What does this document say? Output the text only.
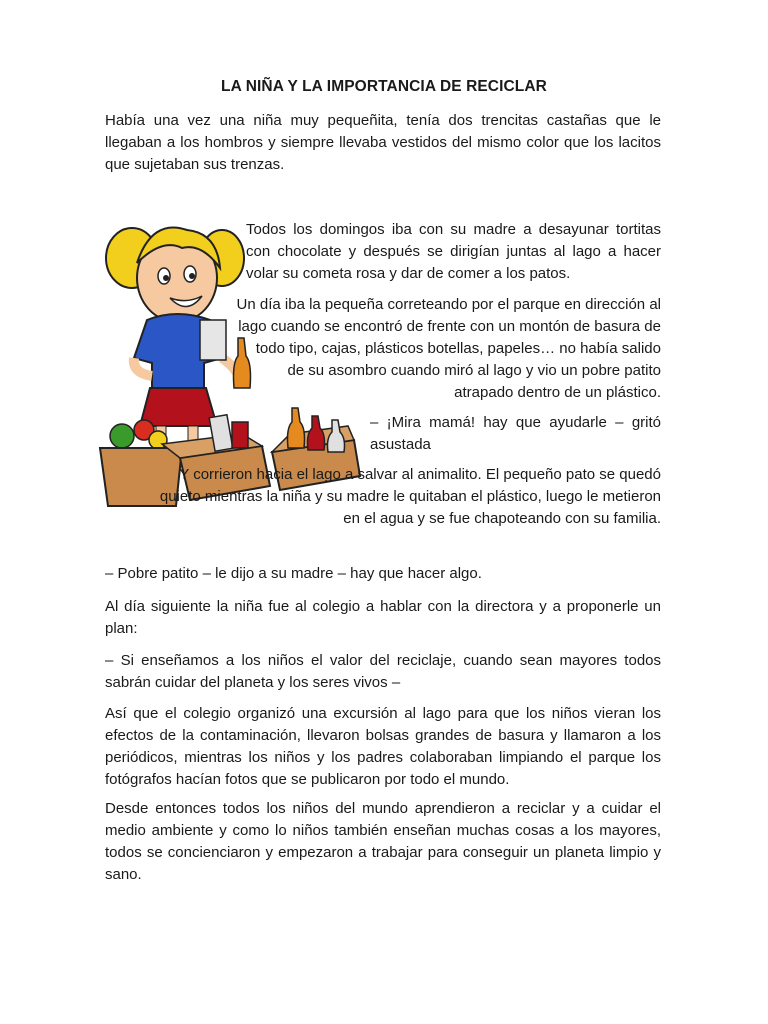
LA NIÑA Y LA IMPORTANCIA DE RECICLAR

Había una vez una niña muy pequeñita, tenía dos trencitas castañas que le llegaban a los hombros y siempre llevaba vestidos del mismo color que los lacitos que sujetaban sus trenzas.

Todos los domingos iba con su madre a desayunar tortitas con chocolate y después se dirigían juntas al lago a hacer volar su cometa rosa y dar de comer a los patos.

Un día iba la pequeña correteando por el parque en dirección al lago cuando se encontró de frente con un montón de basura de todo tipo, cajas, plásticos botellas, papeles… no había salido de su asombro cuando miró al lago y vio un pobre patito atrapado dentro de un plástico.

– ¡Mira mamá! hay que ayudarle – gritó asustada

Y corrieron hacia el lago a salvar al animalito. El pequeño pato se quedó quieto mientras la niña y su madre le quitaban el plástico, luego le metieron en el agua y se fue chapoteando con su familia.

– Pobre patito – le dijo a su madre – hay que hacer algo.

Al día siguiente la niña fue al colegio a hablar con la directora y a proponerle un plan:

– Si enseñamos a los niños el valor del reciclaje, cuando sean mayores todos sabrán cuidar del planeta y los seres vivos –

Así que el colegio organizó una excursión al lago para que los niños vieran los efectos de la contaminación, llevaron bolsas grandes de basura y llamaron a los periódicos, mientras los niños y los padres colaboraban limpiando el parque los fotógrafos hacían fotos que se publicaron por todo el mundo.

Desde entonces todos los niños del mundo aprendieron a reciclar y a cuidar el medio ambiente y como lo niños también enseñan muchas cosas a los mayores, todos se concienciaron y empezaron a trabajar para conseguir un planeta limpio y sano.
